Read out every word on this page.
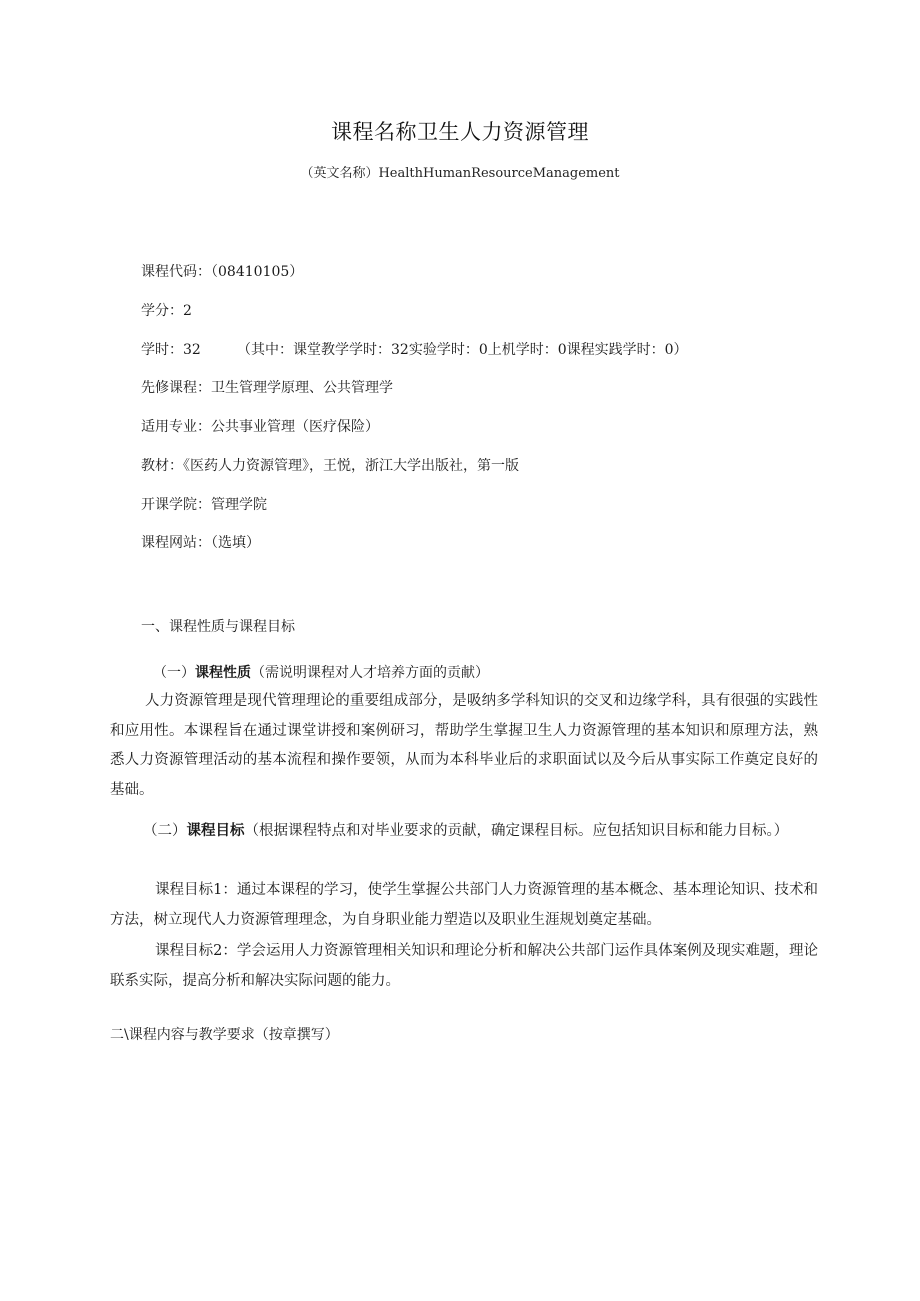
课程名称卫生人力资源管理
（英文名称）HealthHumanResourceManagement
课程代码：（08410105）
学分：2
学时：32	（其中：课堂教学学时：32实验学时：0上机学时：0课程实践学时：0）
先修课程：卫生管理学原理、公共管理学
适用专业：公共事业管理（医疗保险）
教材：《医药人力资源管理》，王悦，浙江大学出版社，第一版
开课学院：管理学院
课程网站：（选填）
一、课程性质与课程目标
（一）课程性质（需说明课程对人才培养方面的贡献）
人力资源管理是现代管理理论的重要组成部分，是吸纳多学科知识的交叉和边缘学科，具有很强的实践性和应用性。本课程旨在通过课堂讲授和案例研习，帮助学生掌握卫生人力资源管理的基本知识和原理方法，熟悉人力资源管理活动的基本流程和操作要领，从而为本科毕业后的求职面试以及今后从事实际工作奠定良好的基础。
（二）课程目标（根据课程特点和对毕业要求的贡献，确定课程目标。应包括知识目标和能力目标。）
课程目标1：通过本课程的学习，使学生掌握公共部门人力资源管理的基本概念、基本理论知识、技术和方法，树立现代人力资源管理理念，为自身职业能力塑造以及职业生涯规划奠定基础。
课程目标2：学会运用人力资源管理相关知识和理论分析和解决公共部门运作具体案例及现实难题，理论联系实际，提高分析和解决实际问题的能力。
二\课程内容与教学要求（按章撰写）
